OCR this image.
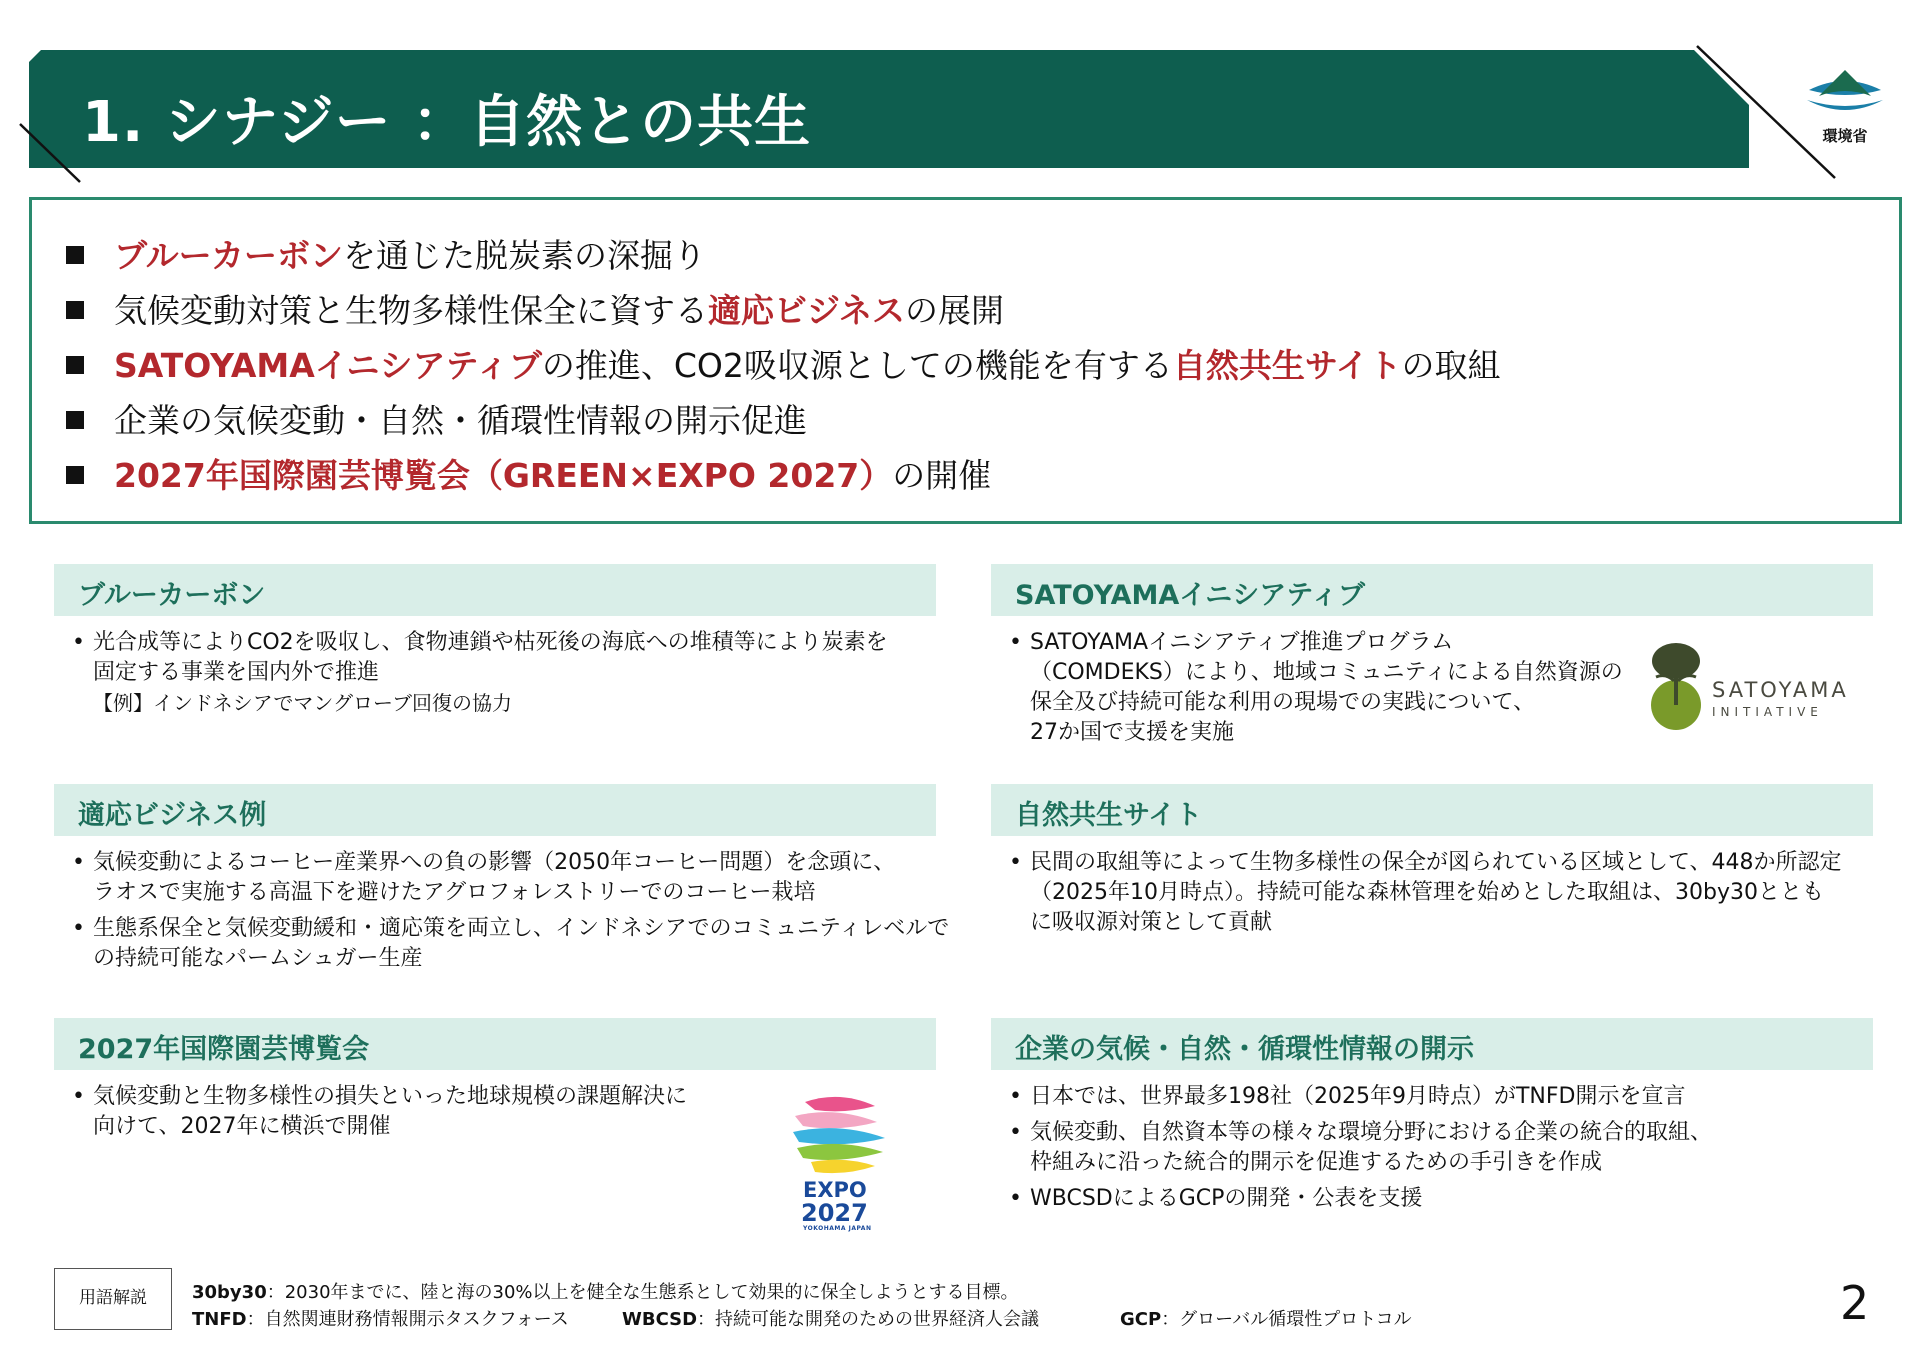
1. シナジー ：自然との共生	環境省
ブルーカーボンを通じた脱炭素の深掘り
気候変動対策と生物多様性保全に資する適応ビジネスの展開
SATOYAMAイニシアティブの推進、CO2吸収源としての機能を有する自然共生サイトの取組
企業の気候変動・自然・循環性情報の開示促進
2027年国際園芸博覧会（GREEN×EXPO 2027）の開催
ブルーカーボン
• 光合成等によりCO2を吸収し、食物連鎖や枯死後の海底への堆積等により炭素を
固定する事業を国内外で推進
【例】インドネシアでマングローブ回復の協力
SATOYAMAイニシアティブ
• SATOYAMAイニシアティブ推進プログラム
（COMDEKS）により、地域コミュニティによる自然資源の
保全及び持続可能な利用の現場での実践について、
27か国で支援を実施
SATOYAMA
INITIATIVE
適応ビジネス例
• 気候変動によるコーヒー産業界への負の影響（2050年コーヒー問題）を念頭に、
ラオスで実施する高温下を避けたアグロフォレストリーでのコーヒー栽培
• 生態系保全と気候変動緩和・適応策を両立し、インドネシアでのコミュニティレベルで
の持続可能なパームシュガー生産
自然共生サイト
• 民間の取組等によって生物多様性の保全が図られている区域として、448か所認定
（2025年10月時点）。持続可能な森林管理を始めとした取組は、30by30ととも
に吸収源対策として貢献
2027年国際園芸博覧会
• 気候変動と生物多様性の損失といった地球規模の課題解決に
向けて、2027年に横浜で開催
EXPO
2027
YOKOHAMA JAPAN
企業の気候・自然・循環性情報の開示
• 日本では、世界最多198社（2025年9月時点）がTNFD開示を宣言
• 気候変動、自然資本等の様々な環境分野における企業の統合的取組、
枠組みに沿った統合的開示を促進するための手引きを作成
• WBCSDによるGCPの開発・公表を支援
用語解説	30by30：2030年までに、陸と海の30%以上を健全な生態系として効果的に保全しようとする目標。
TNFD：自然関連財務情報開示タスクフォース	WBCSD：持続可能な開発のための世界経済人会議	GCP：グローバル循環性プロトコル	2
